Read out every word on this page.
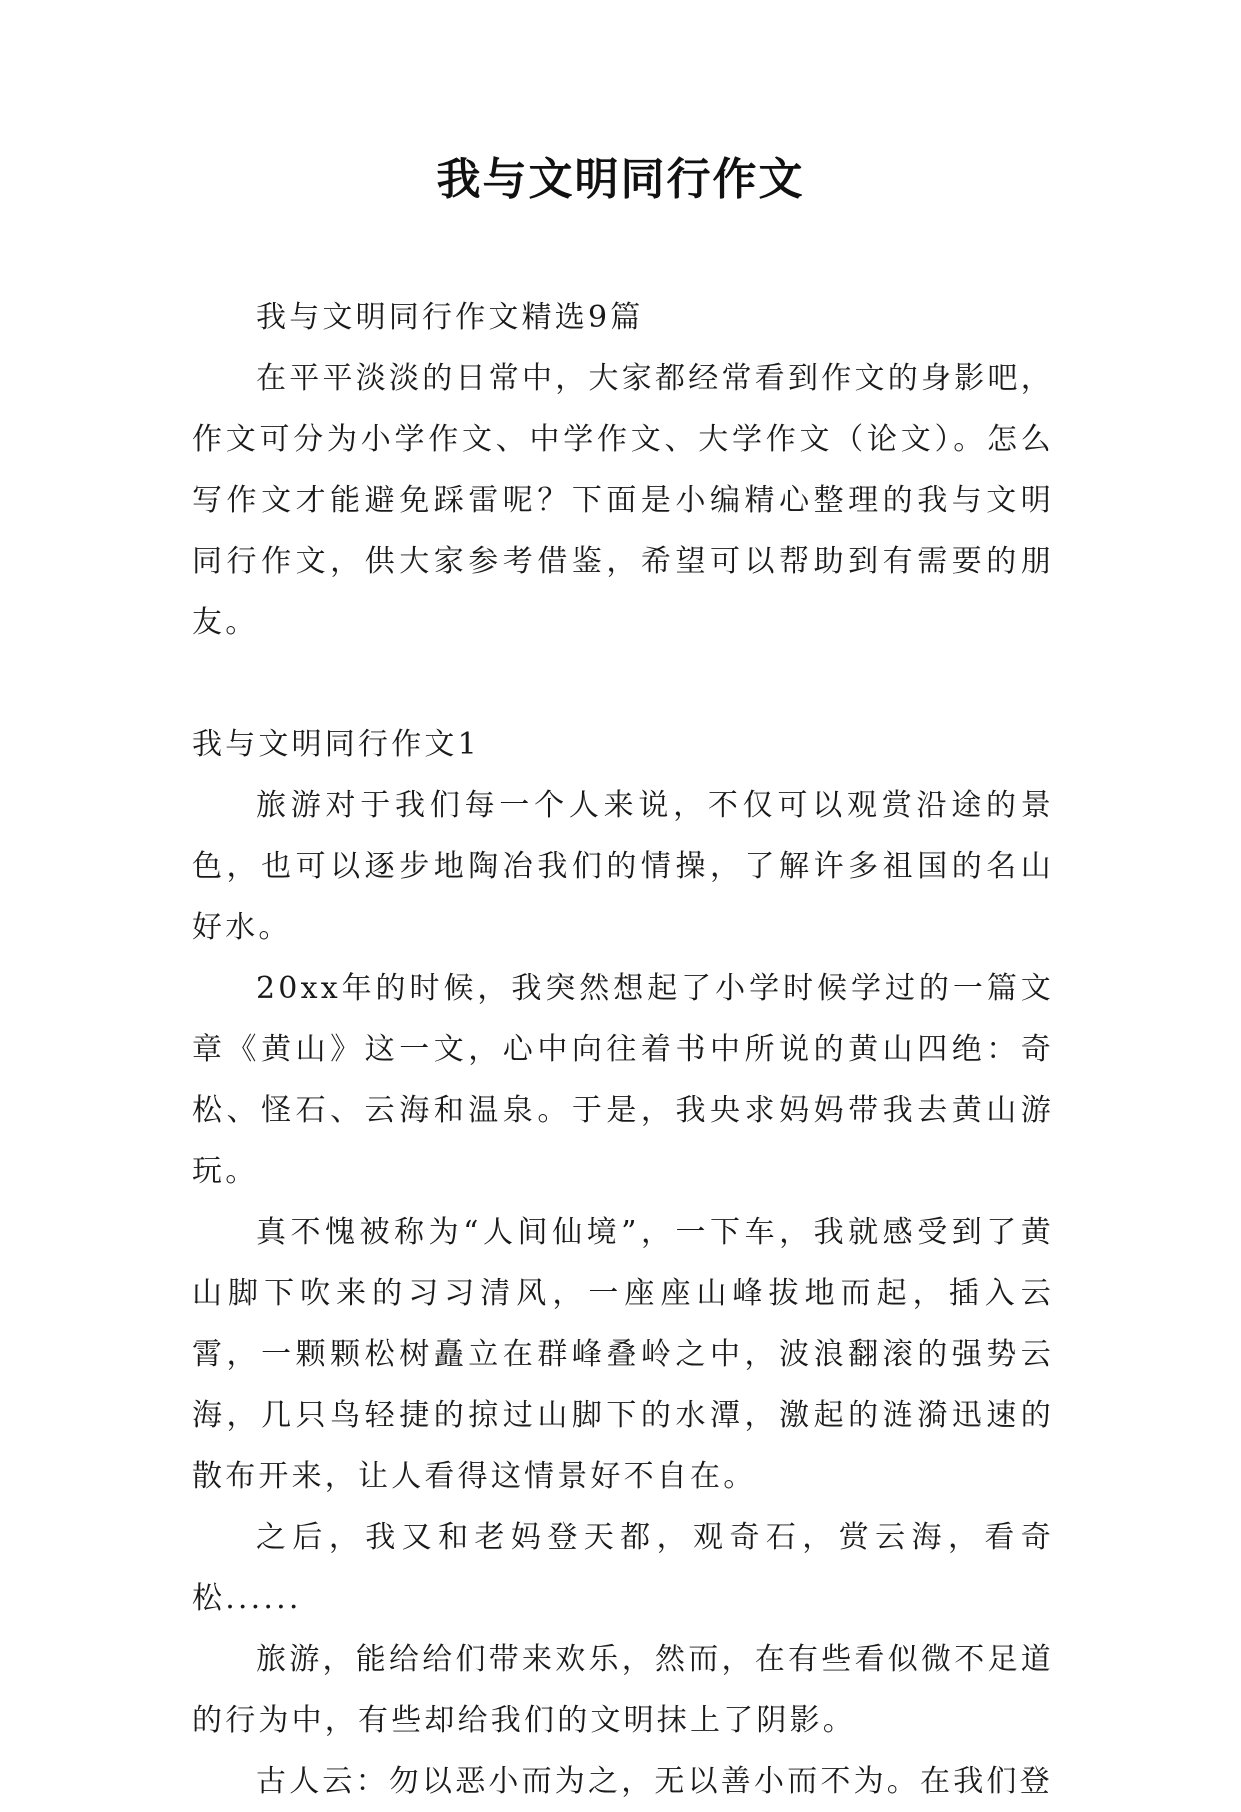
我与文明同行作文

我与文明同行作文精选9篇

在平平淡淡的日常中，大家都经常看到作文的身影吧，作文可分为小学作文、中学作文、大学作文（论文）。怎么写作文才能避免踩雷呢？下面是小编精心整理的我与文明同行作文，供大家参考借鉴，希望可以帮助到有需要的朋友。

我与文明同行作文1

旅游对于我们每一个人来说，不仅可以观赏沿途的景色，也可以逐步地陶冶我们的情操，了解许多祖国的名山好水。

20xx年的时候，我突然想起了小学时候学过的一篇文章《黄山》这一文，心中向往着书中所说的黄山四绝：奇松、怪石、云海和温泉。于是，我央求妈妈带我去黄山游玩。

真不愧被称为“人间仙境”，一下车，我就感受到了黄山脚下吹来的习习清风，一座座山峰拔地而起，插入云霄，一颗颗松树矗立在群峰叠岭之中，波浪翻滚的强势云海，几只鸟轻捷的掠过山脚下的水潭，激起的涟漪迅速的散布开来，让人看得这情景好不自在。

之后，我又和老妈登天都，观奇石，赏云海，看奇松......

旅游，能给给们带来欢乐，然而，在有些看似微不足道的行为中，有些却给我们的文明抹上了阴影。

古人云：勿以恶小而为之，无以善小而不为。在我们登
